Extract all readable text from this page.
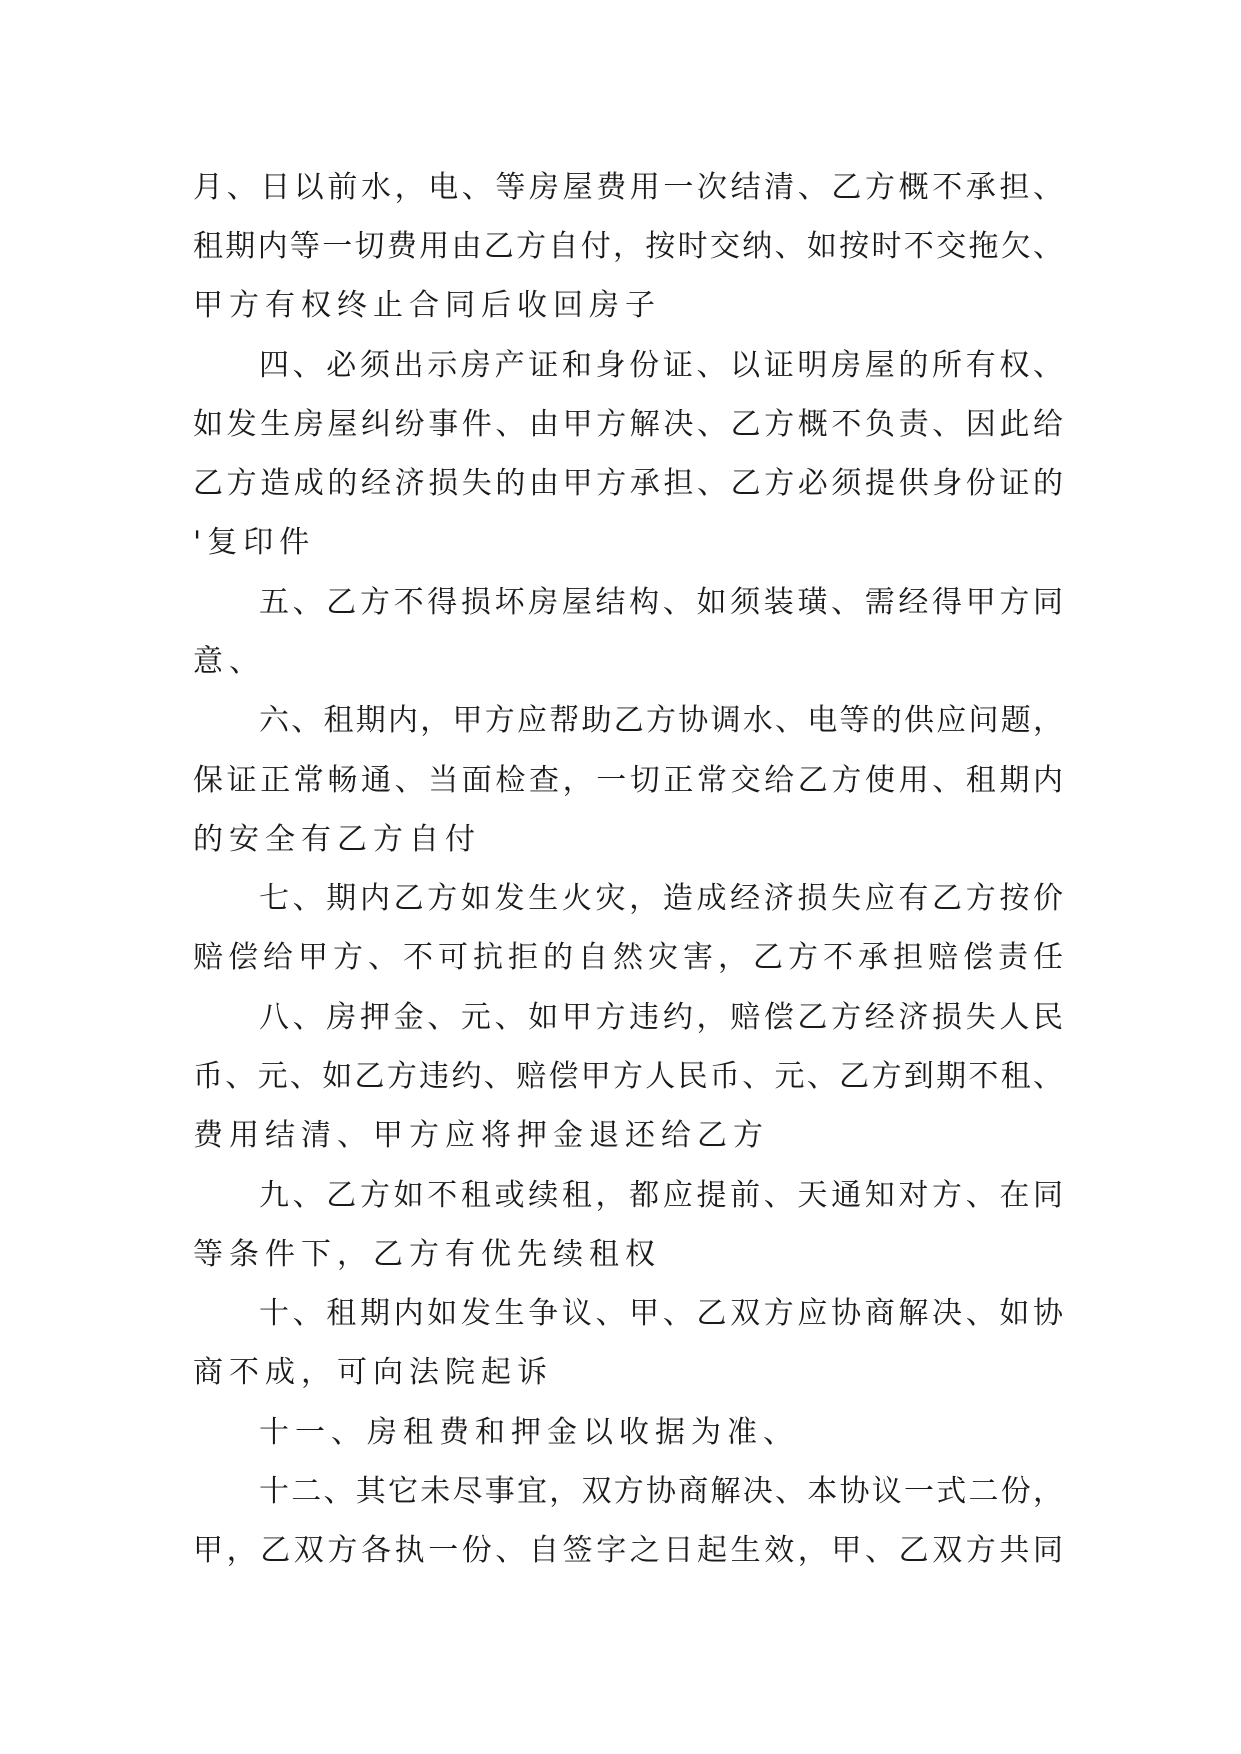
月、日以前水，电、等房屋费用一次结清、乙方概不承担、
租期内等一切费用由乙方自付，按时交纳、如按时不交拖欠、
甲方有权终止合同后收回房子
四、必须出示房产证和身份证、以证明房屋的所有权、
如发生房屋纠纷事件、由甲方解决、乙方概不负责、因此给
乙方造成的经济损失的由甲方承担、乙方必须提供身份证的
'复印件
五、乙方不得损坏房屋结构、如须装璜、需经得甲方同
意、
六、租期内，甲方应帮助乙方协调水、电等的供应问题，
保证正常畅通、当面检查，一切正常交给乙方使用、租期内
的安全有乙方自付
七、期内乙方如发生火灾，造成经济损失应有乙方按价
赔偿给甲方、不可抗拒的自然灾害，乙方不承担赔偿责任
八、房押金、元、如甲方违约，赔偿乙方经济损失人民
币、元、如乙方违约、赔偿甲方人民币、元、乙方到期不租、
费用结清、甲方应将押金退还给乙方
九、乙方如不租或续租，都应提前、天通知对方、在同
等条件下，乙方有优先续租权
十、租期内如发生争议、甲、乙双方应协商解决、如协
商不成，可向法院起诉
十一、房租费和押金以收据为准、
十二、其它未尽事宜，双方协商解决、本协议一式二份，
甲，乙双方各执一份、自签字之日起生效，甲、乙双方共同
